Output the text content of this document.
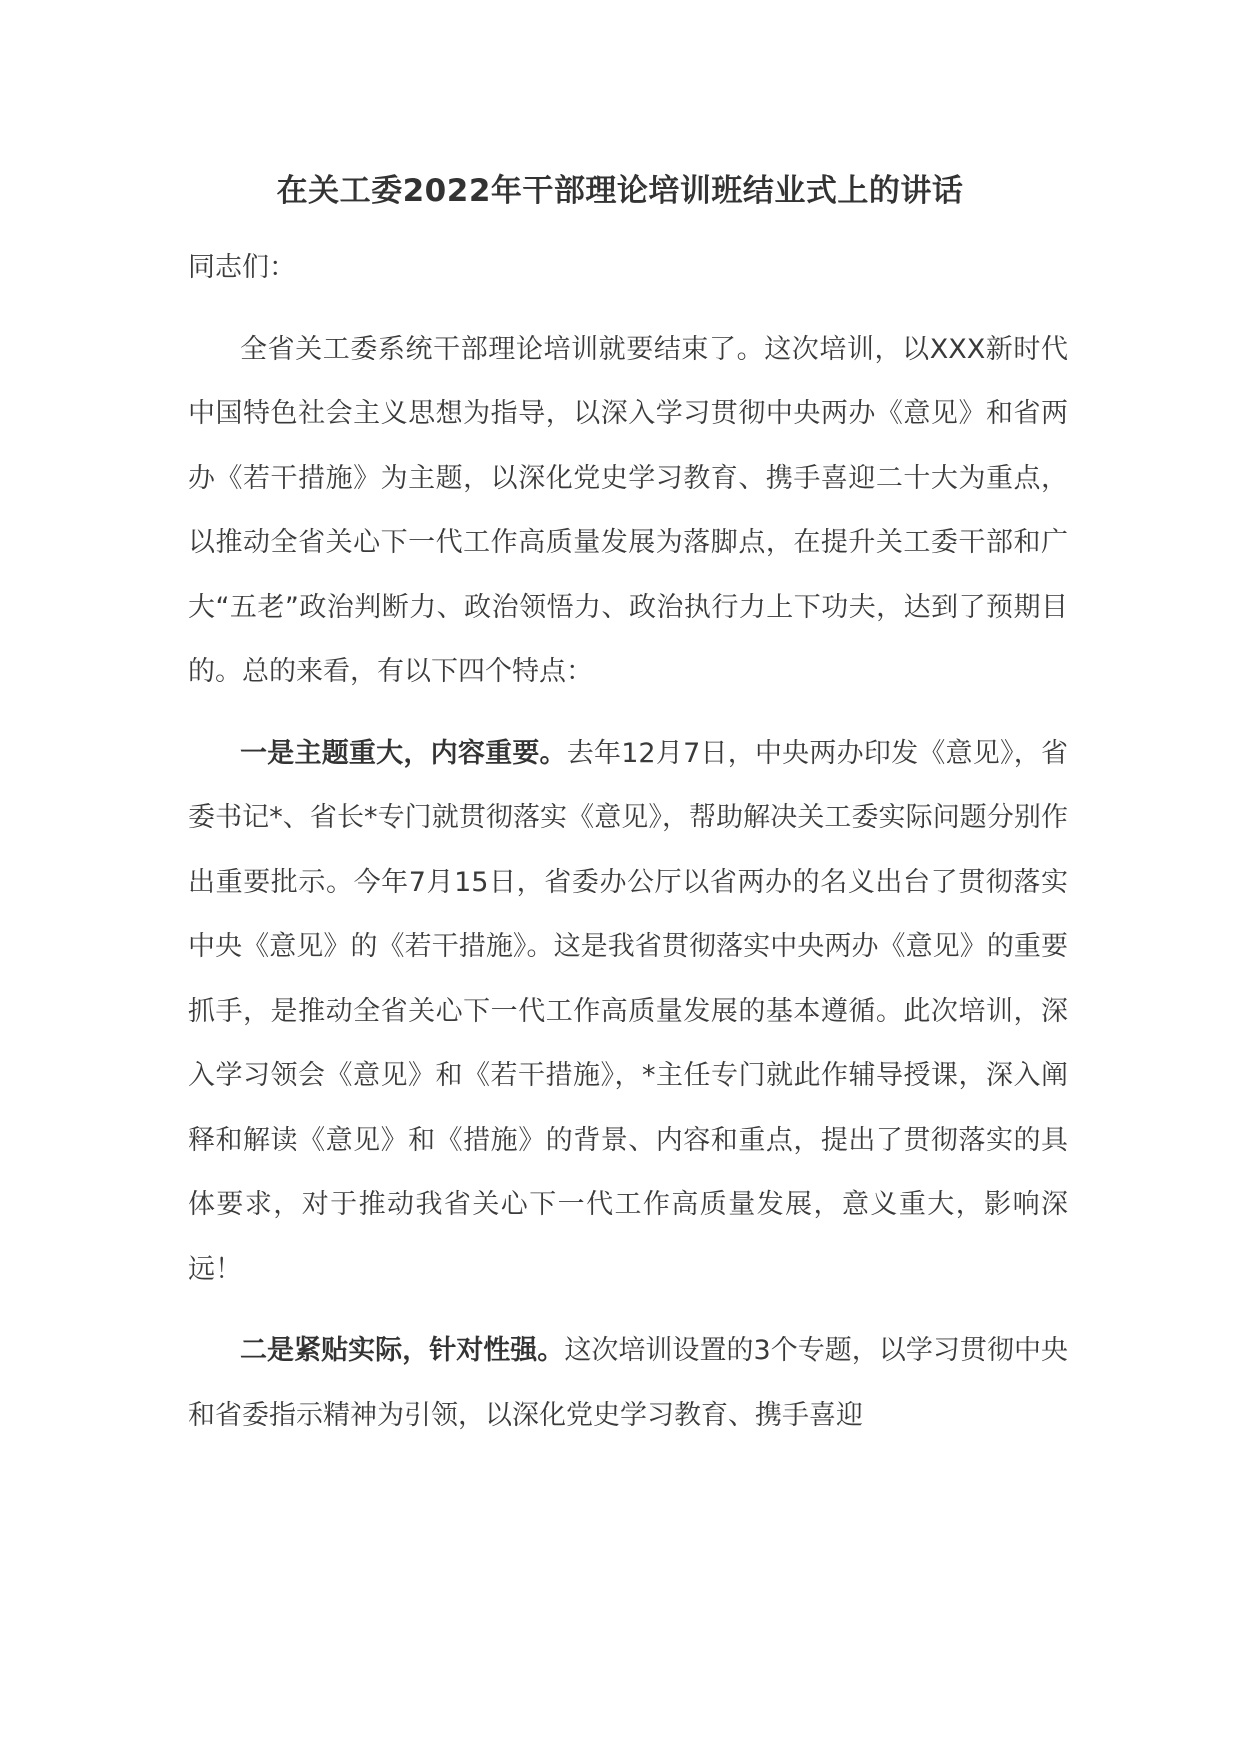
在关工委2022年干部理论培训班结业式上的讲话

同志们：

全省关工委系统干部理论培训就要结束了。这次培训，以XXX新时代中国特色社会主义思想为指导，以深入学习贯彻中央两办《意见》和省两办《若干措施》为主题，以深化党史学习教育、携手喜迎二十大为重点，以推动全省关心下一代工作高质量发展为落脚点，在提升关工委干部和广大“五老”政治判断力、政治领悟力、政治执行力上下功夫，达到了预期目的。总的来看，有以下四个特点：

一是主题重大，内容重要。去年12月7日，中央两办印发《意见》，省委书记*、省长*专门就贯彻落实《意见》，帮助解决关工委实际问题分别作出重要批示。今年7月15日，省委办公厅以省两办的名义出台了贯彻落实中央《意见》的《若干措施》。这是我省贯彻落实中央两办《意见》的重要抓手，是推动全省关心下一代工作高质量发展的基本遵循。此次培训，深入学习领会《意见》和《若干措施》，*主任专门就此作辅导授课，深入阐释和解读《意见》和《措施》的背景、内容和重点，提出了贯彻落实的具体要求，对于推动我省关心下一代工作高质量发展，意义重大，影响深远！

二是紧贴实际，针对性强。这次培训设置的3个专题，以学习贯彻中央和省委指示精神为引领，以深化党史学习教育、携手喜迎
